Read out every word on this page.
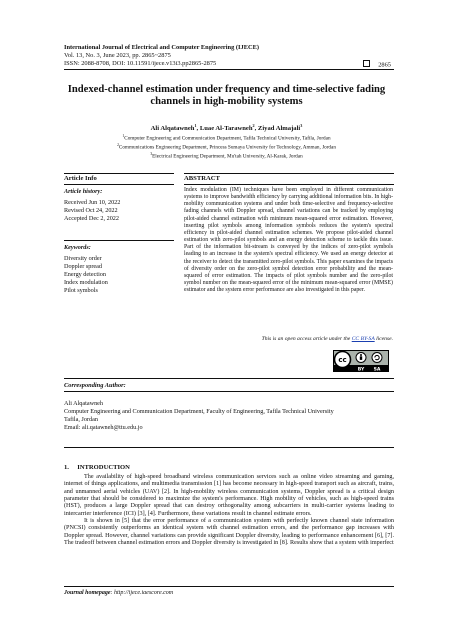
International Journal of Electrical and Computer Engineering (IJECE)
Vol. 13, No. 3, June 2023, pp. 2865~2875
ISSN: 2088-8708, DOI: 10.11591/ijece.v13i3.pp2865-2875	2865
Indexed-channel estimation under frequency and time-selective fading channels in high-mobility systems
Ali Alqatawneh$^1$, Luae Al-Tarawneh$^2$, Ziyad Almajali$^3$
$^1$Computer Engineering and Communication Department, Tafila Technical University, Tafila, Jordan
$^2$Communications Engineering Department, Princess Sumaya University for Technology, Amman, Jordan
$^3$Electrical Engineering Department, Mu'tah University, Al-Karak, Jordan
Article Info	ABSTRACT
Article history:
Received Jun 10, 2022
Revised Oct 24, 2022
Accepted Dec 2, 2022
Keywords:
Diversity order
Doppler spread
Energy detection
Index modulation
Pilot symbols
Index modulation (IM) techniques have been employed in different communication systems to improve bandwidth efficiency by carrying additional information bits. In high-mobility communication systems and under both time-selective and frequency-selective fading channels with Doppler spread, channel variations can be tracked by employing pilot-aided channel estimation with minimum mean-squared error estimation. However, inserting pilot symbols among information symbols reduces the system's spectral efficiency in pilot-aided channel estimation schemes. We propose pilot-aided channel estimation with zero-pilot symbols and an energy detection scheme to tackle this issue. Part of the information bit-stream is conveyed by the indices of zero-pilot symbols leading to an increase in the system's spectral efficiency. We used an energy detector at the receiver to detect the transmitted zero-pilot symbols. This paper examines the impacts of diversity order on the zero-pilot symbol detection error probability and the mean-squared of error estimation. The impacts of pilot symbols number and the zero-pilot symbol number on the mean-squared error of the minimum mean-squared error (MMSE) estimator and the system error performance are also investigated in this paper.
This is an open access article under the CC BY-SA license.
cc
BY SA
Corresponding Author:
Ali Alqatawneh
Computer Engineering and Communication Department, Faculty of Engineering, Tafila Technical University
Tafila, Jordan
Email: ali.qatawneh@ttu.edu.jo
1.     INTRODUCTION

The availability of high-speed broadband wireless communication services such as online video streaming and gaming, internet of things applications, and multimedia transmission [1] has become necessary in high-speed transport such as aircraft, trains, and unmanned aerial vehicles (UAV) [2]. In high-mobility wireless communication systems, Doppler spread is a critical design parameter that should be considered to maximize the system's performance. High mobility of vehicles, such as high-speed trains (HST), produces a large Doppler spread that can destroy orthogonality among subcarriers in multi-carrier systems leading to intercarrier interference (ICI) [3], [4]. Furthermore, these variations result in channel estimate errors.

It is shown in [5] that the error performance of a communication system with perfectly known channel state information (PNCSI) consistently outperforms an identical system with channel estimation errors, and the performance gap increases with Doppler spread. However, channel variations can provide significant Doppler diversity, leading to performance enhancement [6], [7]. The tradeoff between channel estimation errors and Doppler diversity is investigated in [8]. Results show that a system with imperfect

Journal homepage: http://ijece.iaescore.com
